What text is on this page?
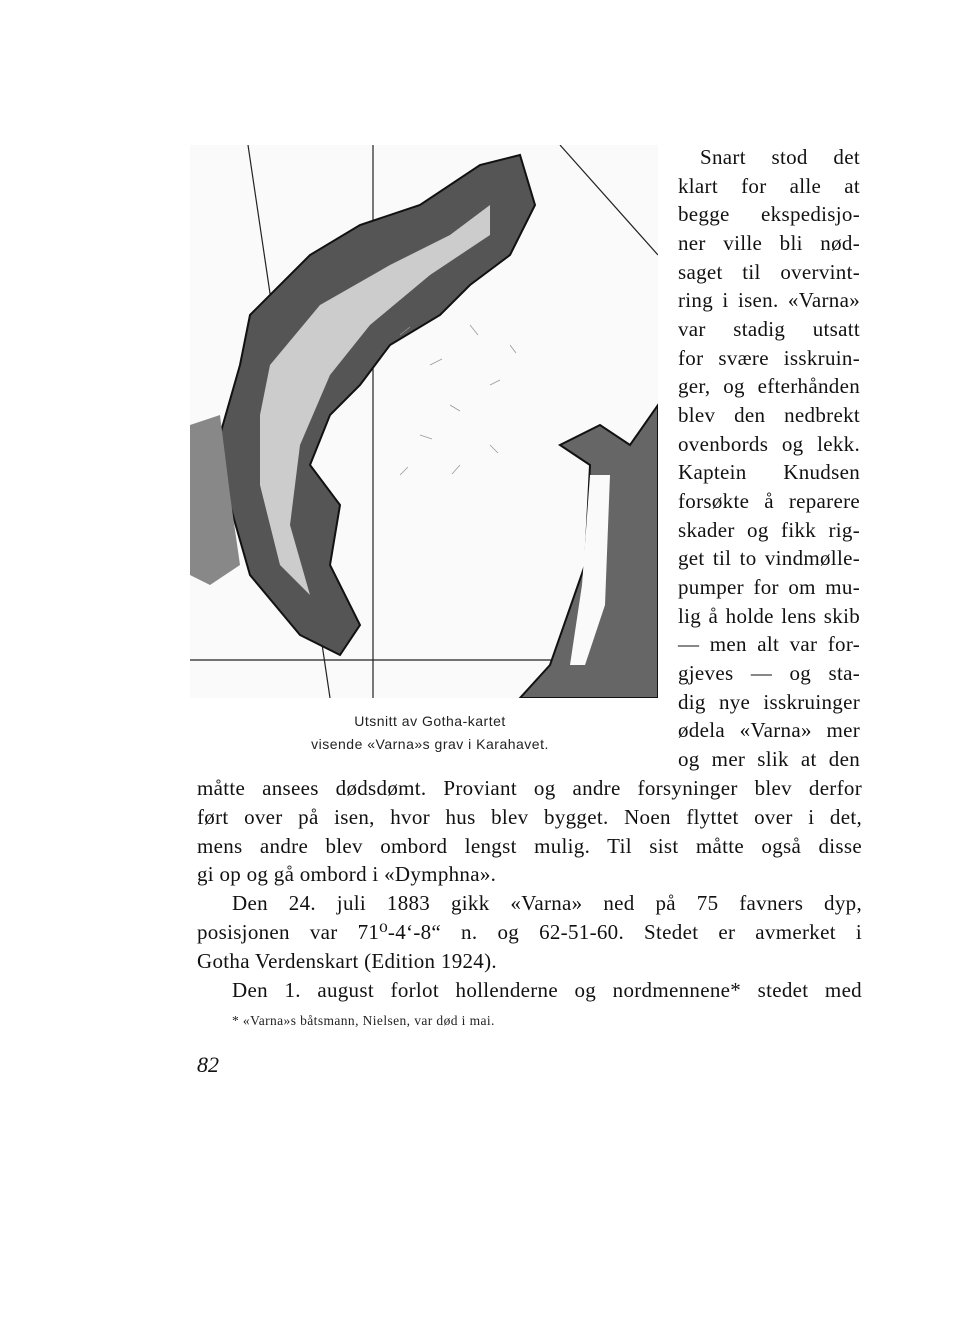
Utsnitt av Gotha-kartet
visende «Varna»s grav i Karahavet.
Snart stod det
klart for alle at
begge ekspedisjo-
ner ville bli nød-
saget til overvint-
ring i isen. «Varna»
var stadig utsatt
for svære isskruin-
ger, og efterhånden
blev den nedbrekt
ovenbords og lekk.
Kaptein Knudsen
forsøkte å reparere
skader og fikk rig-
get til to vindmølle-
pumper for om mu-
lig å holde lens skib
— men alt var for-
gjeves — og sta-
dig nye isskruinger
ødela «Varna» mer
og mer slik at den
måtte ansees dødsdømt. Proviant og andre forsyninger blev derfor
ført over på isen, hvor hus blev bygget. Noen flyttet over i det,
mens andre blev ombord lengst mulig. Til sist måtte også disse
gi op og gå ombord i «Dymphna».
Den 24. juli 1883 gikk «Varna» ned på 75 favners dyp,
posisjonen var 71⁰-4‘-8“ n. og 62-51-60. Stedet er avmerket i
Gotha Verdenskart (Edition 1924).
Den 1. august forlot hollenderne og nordmennene* stedet med
* «Varna»s båtsmann, Nielsen, var død i mai.
82
